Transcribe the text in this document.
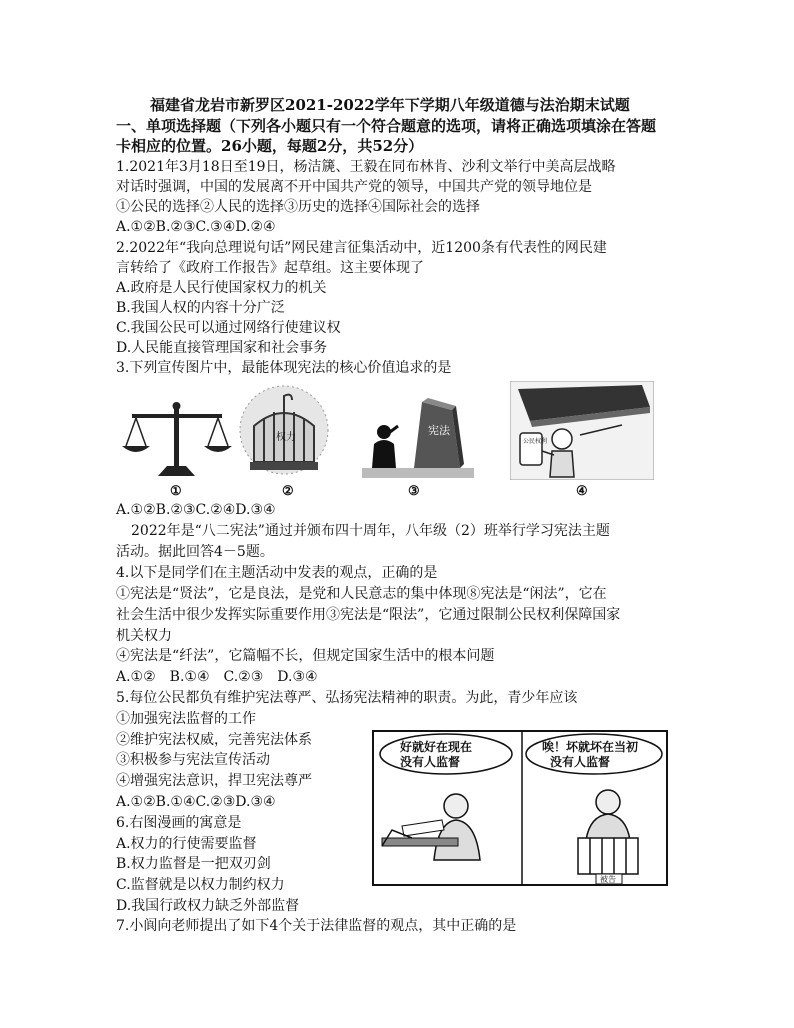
福建省龙岩市新罗区2021-2022学年下学期八年级道德与法治期末试题
一、单项选择题（下列各小题只有一个符合题意的选项，请将正确选项填涂在答题
卡相应的位置。26小题，每题2分，共52分）
1.2021年3月18日至19日，杨洁篪、王毅在同布林肯、沙利文举行中美高层战略
对话时强调，中国的发展离不开中国共产党的领导，中国共产党的领导地位是
①公民的选择②人民的选择③历史的选择④国际社会的选择
A.①②B.②③C.③④D.②④
2.2022年“我向总理说句话”网民建言征集活动中，近1200条有代表性的网民建
言转给了《政府工作报告》起草组。这主要体现了
A.政府是人民行使国家权力的机关
B.我国人权的内容十分广泛
C.我国公民可以通过网络行使建议权
D.人民能直接管理国家和社会事务
3.下列宣传图片中，最能体现宪法的核心价值追求的是
①
权力
②
宪法
③
公民权利
④
A.①②B.②③C.②④D.③④
2022年是“八二宪法”通过并颁布四十周年，八年级（2）班举行学习宪法主题
活动。据此回答4－5题。
4.以下是同学们在主题活动中发表的观点，正确的是
①宪法是“贤法”，它是良法，是党和人民意志的集中体现⑧宪法是“闲法”，它在
社会生活中很少发挥实际重要作用③宪法是“限法”，它通过限制公民权利保障国家
机关权力
④宪法是“纤法”，它篇幅不长，但规定国家生活中的根本问题
A.①②　B.①④　C.②③　D.③④
5.每位公民都负有维护宪法尊严、弘扬宪法精神的职责。为此，青少年应该
①加强宪法监督的工作
②维护宪法权威，完善宪法体系
③积极参与宪法宣传活动
④增强宪法意识，捍卫宪法尊严
A.①②B.①④C.②③D.③④
好就好在现在
没有人监督
唉！坏就坏在当初
没有人监督
被告
6.右图漫画的寓意是
A.权力的行使需要监督
B.权力监督是一把双刃剑
C.监督就是以权力制约权力
D.我国行政权力缺乏外部监督
7.小阆向老师提出了如下4个关于法律监督的观点，其中正确的是
